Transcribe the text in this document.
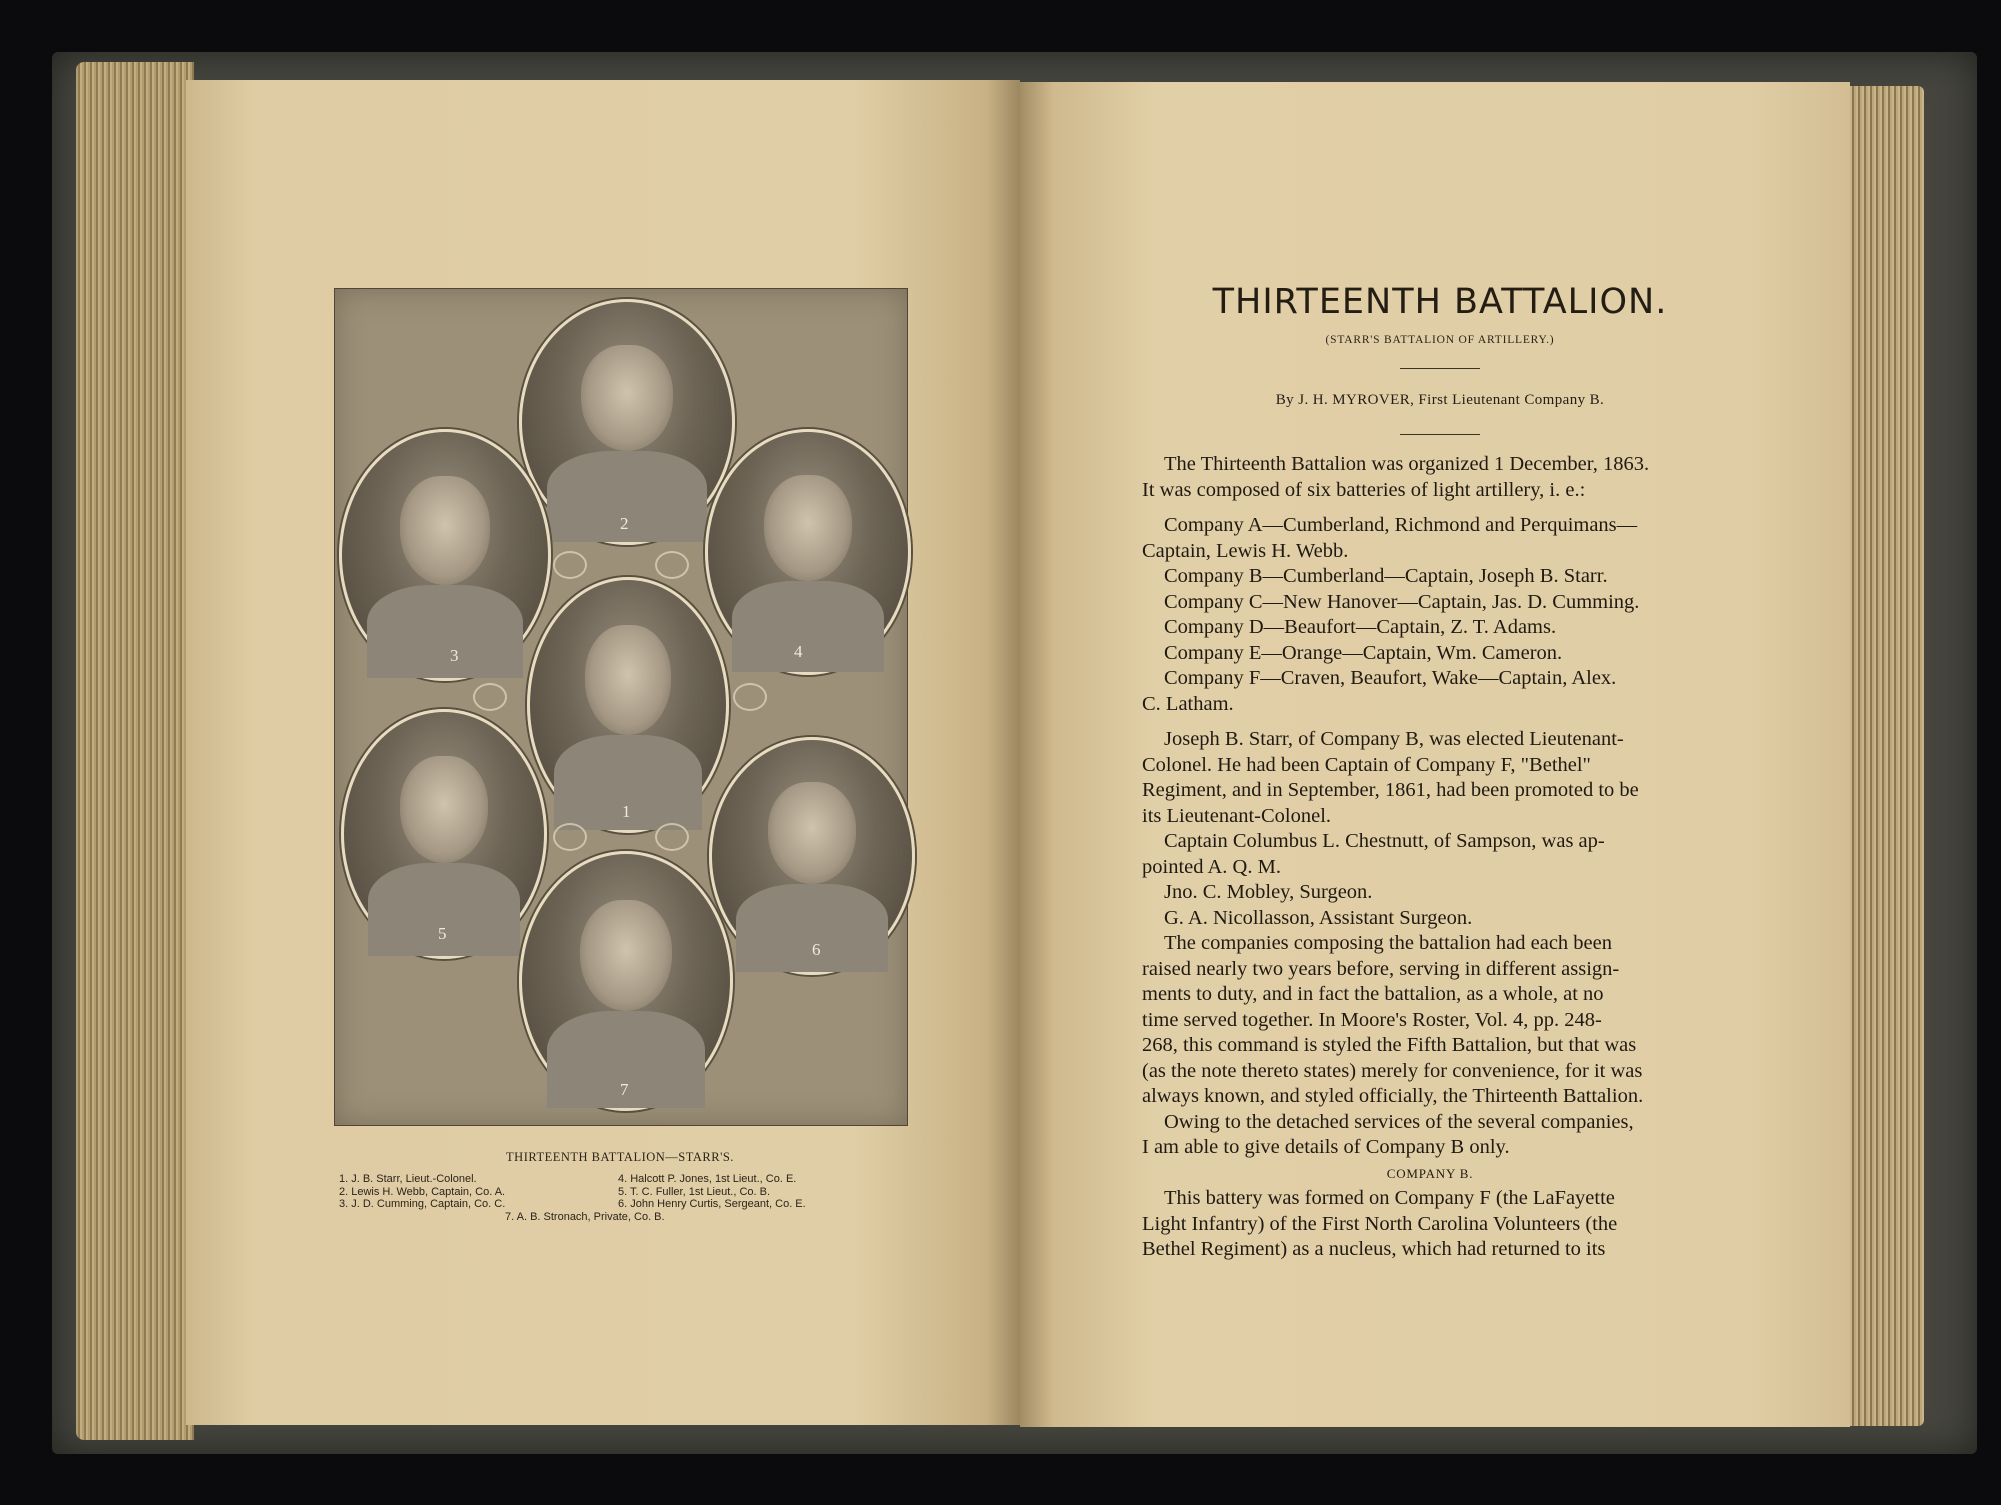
2
3	4
1
5
6
7
THIRTEENTH BATTALION—STARR'S.
1. J. B. Starr, Lieut.-Colonel.
2. Lewis H. Webb, Captain, Co. A.
3. J. D. Cumming, Captain, Co. C.
4. Halcott P. Jones, 1st Lieut., Co. E.
5. T. C. Fuller, 1st Lieut., Co. B.
6. John Henry Curtis, Sergeant, Co. E.
7. A. B. Stronach, Private, Co. B.
THIRTEENTH BATTALION.
(STARR'S BATTALION OF ARTILLERY.)
By J. H. MYROVER, First Lieutenant Company B.

The Thirteenth Battalion was organized 1 December, 1863.

It was composed of six batteries of light artillery, i. e.:

Company A—Cumberland, Richmond and Perquimans—

Captain, Lewis H. Webb.

Company B—Cumberland—Captain, Joseph B. Starr.

Company C—New Hanover—Captain, Jas. D. Cumming.

Company D—Beaufort—Captain, Z. T. Adams.

Company E—Orange—Captain, Wm. Cameron.

Company F—Craven, Beaufort, Wake—Captain, Alex.

C. Latham.

Joseph B. Starr, of Company B, was elected Lieutenant-

Colonel. He had been Captain of Company F, "Bethel"

Regiment, and in September, 1861, had been promoted to be

its Lieutenant-Colonel.

Captain Columbus L. Chestnutt, of Sampson, was ap-

pointed A. Q. M.

Jno. C. Mobley, Surgeon.

G. A. Nicollasson, Assistant Surgeon.

The companies composing the battalion had each been

raised nearly two years before, serving in different assign-

ments to duty, and in fact the battalion, as a whole, at no

time served together. In Moore's Roster, Vol. 4, pp. 248-

268, this command is styled the Fifth Battalion, but that was

(as the note thereto states) merely for convenience, for it was

always known, and styled officially, the Thirteenth Battalion.

Owing to the detached services of the several companies,

I am able to give details of Company B only.

COMPANY B.

This battery was formed on Company F (the LaFayette

Light Infantry) of the First North Carolina Volunteers (the

Bethel Regiment) as a nucleus, which had returned to its
